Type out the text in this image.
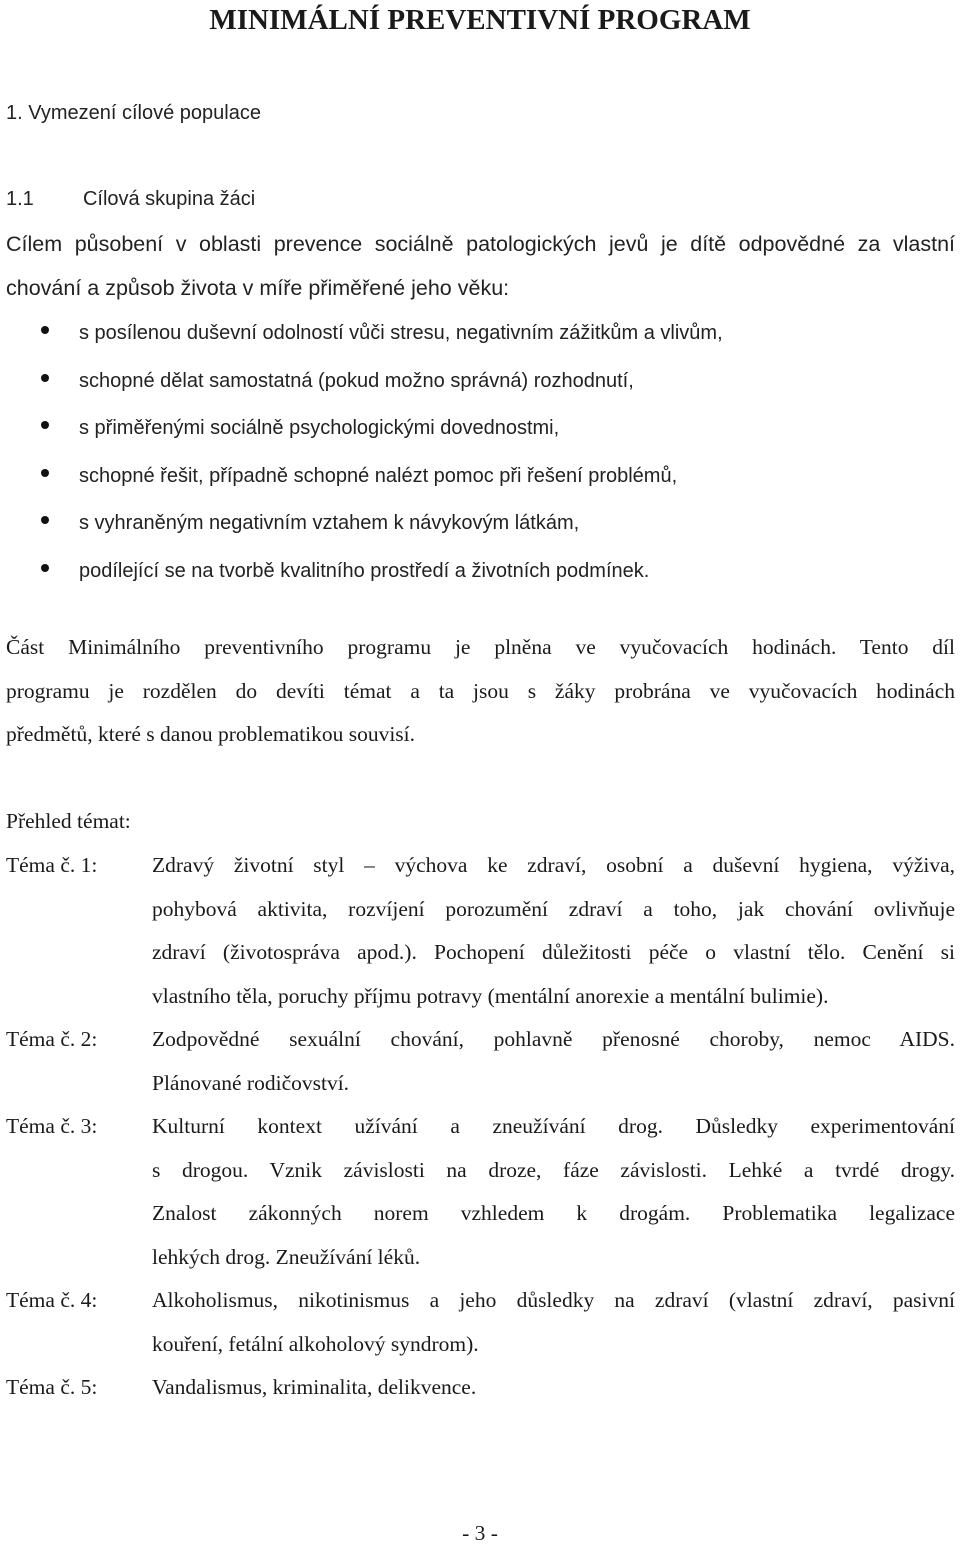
MINIMÁLNÍ PREVENTIVNÍ PROGRAM
1. Vymezení cílové populace
1.1 Cílová skupina žáci
Cílem působení v oblasti prevence sociálně patologických jevů je dítě odpovědné za vlastní
chování a způsob života v míře přiměřené jeho věku:
s posílenou duševní odolností vůči stresu, negativním zážitkům a vlivům,
schopné dělat samostatná (pokud možno správná) rozhodnutí,
s přiměřenými sociálně psychologickými dovednostmi,
schopné řešit, případně schopné nalézt pomoc při řešení problémů,
s vyhraněným negativním vztahem k návykovým látkám,
podílející se na tvorbě kvalitního prostředí a životních podmínek.
Část Minimálního preventivního programu je plněna ve vyučovacích hodinách. Tento díl
programu je rozdělen do devíti témat a ta jsou s žáky probrána ve vyučovacích hodinách
předmětů, které s danou problematikou souvisí.
Přehled témat:
Téma č. 1:	Zdravý životní styl – výchova ke zdraví, osobní a duševní hygiena, výživa,
pohybová aktivita, rozvíjení porozumění zdraví a toho, jak chování ovlivňuje
zdraví (životospráva apod.). Pochopení důležitosti péče o vlastní tělo. Cenění si
vlastního těla, poruchy příjmu potravy (mentální anorexie a mentální bulimie).
Téma č. 2:	Zodpovědné sexuální chování, pohlavně přenosné choroby, nemoc AIDS.
Plánované rodičovství.
Téma č. 3:	Kulturní kontext užívání a zneužívání drog. Důsledky experimentování
s drogou. Vznik závislosti na droze, fáze závislosti. Lehké a tvrdé drogy.
Znalost zákonných norem vzhledem k drogám. Problematika legalizace
lehkých drog. Zneužívání léků.
Téma č. 4:	Alkoholismus, nikotinismus a jeho důsledky na zdraví (vlastní zdraví, pasivní
kouření, fetální alkoholový syndrom).
Téma č. 5:	Vandalismus, kriminalita, delikvence.
- 3 -
